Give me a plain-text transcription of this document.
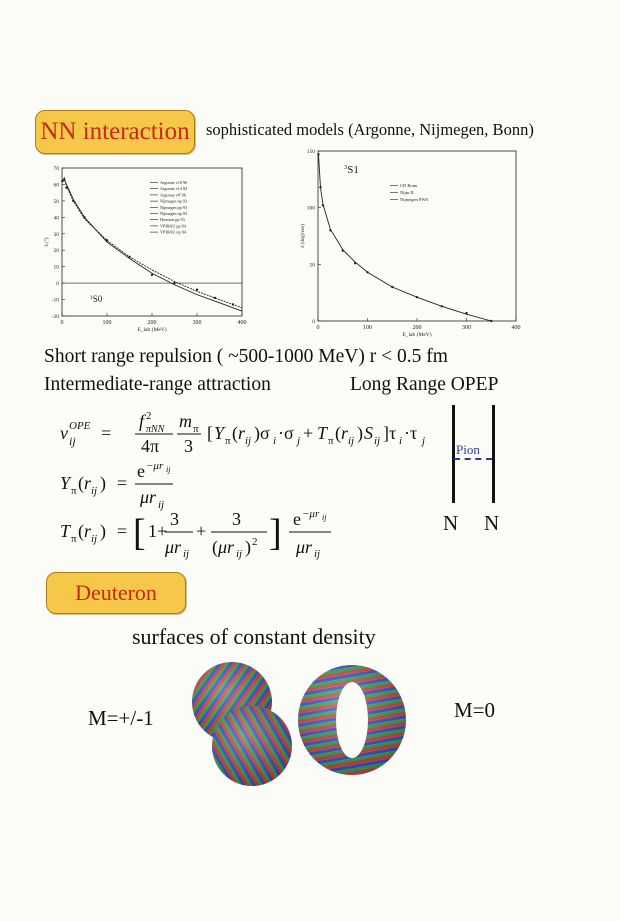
NN interaction sophisticated models (Argonne, Nijmegen, Bonn)
0	100	200	300	400
-20
-10
0
10
20
30
40
50
60
70
E_lab (MeV)
δ (°)
$^1$S0
Argonne v18 96
Argonne v14 84
Argonne v8' 96
Nijmegen np 93
Nijmegen pp 93
Nijmegen np 93
Houston pp 93
VPI&SU pp 94
VPI&SU np 94
0	100	200	300	400
0
50
100
150
E_lab (MeV)
δ (deg/rees)
$^3$S1
CD Bonn
Nijm II
Nijmegen PWA
Short range repulsion ( ~500-1000 MeV) r < 0.5 fm
Intermediate-range attraction	Long Range OPEP
v ij
OPE =
f 2
πNN
4π
m π
3
[ Y π ( r ij )σ i ·σ j + T π ( r ij ) S ij ]τ i ·τ j
Y π ( r ij ) =
e −μr ij
μr ij
T π ( r ij ) = [ 1+
3
μr ij
+
3
( μr ij ) 2 ] e −μr ij
μr ij
Pion
N N
Deuteron
surfaces of constant density
M=+/-1	M=0
